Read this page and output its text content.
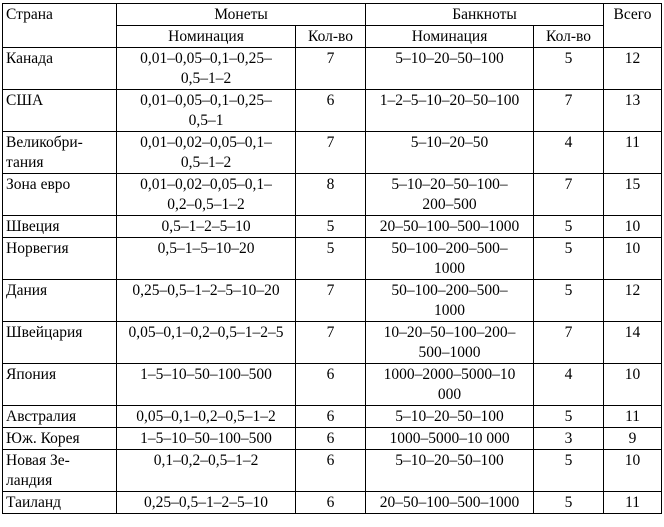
Страна	Монеты		Банкноты		Всего
	Номинация	Кол-во	Номинация	Кол-во	
Канада	0,01–0,05–0,1–0,25–
0,5–1–2	7	5–10–20–50–100	5	12
США	0,01–0,05–0,1–0,25–
0,5–1	6	1–2–5–10–20–50–100	7	13
Великобри-
тания	0,01–0,02–0,05–0,1–
0,5–1–2	7	5–10–20–50	4	11
Зона евро	0,01–0,02–0,05–0,1–
0,2–0,5–1–2	8	5–10–20–50–100–
200–500	7	15
Швеция	0,5–1–2–5–10	5	20–50–100–500–1000	5	10
Норвегия	0,5–1–5–10–20	5	50–100–200–500–
1000	5	10
Дания	0,25–0,5–1–2–5–10–20	7	50–100–200–500–
1000	5	12
Швейцария	0,05–0,1–0,2–0,5–1–2–5	7	10–20–50–100–200–
500–1000	7	14
Япония	1–5–10–50–100–500	6	1000–2000–5000–10
000	4	10
Австралия	0,05–0,1–0,2–0,5–1–2	6	5–10–20–50–100	5	11
Юж. Корея	1–5–10–50–100–500	6	1000–5000–10 000	3	9
Новая Зе-
ландия	0,1–0,2–0,5–1–2	6	5–10–20–50–100	5	10
Таиланд	0,25–0,5–1–2–5–10	6	20–50–100–500–1000	5	11
